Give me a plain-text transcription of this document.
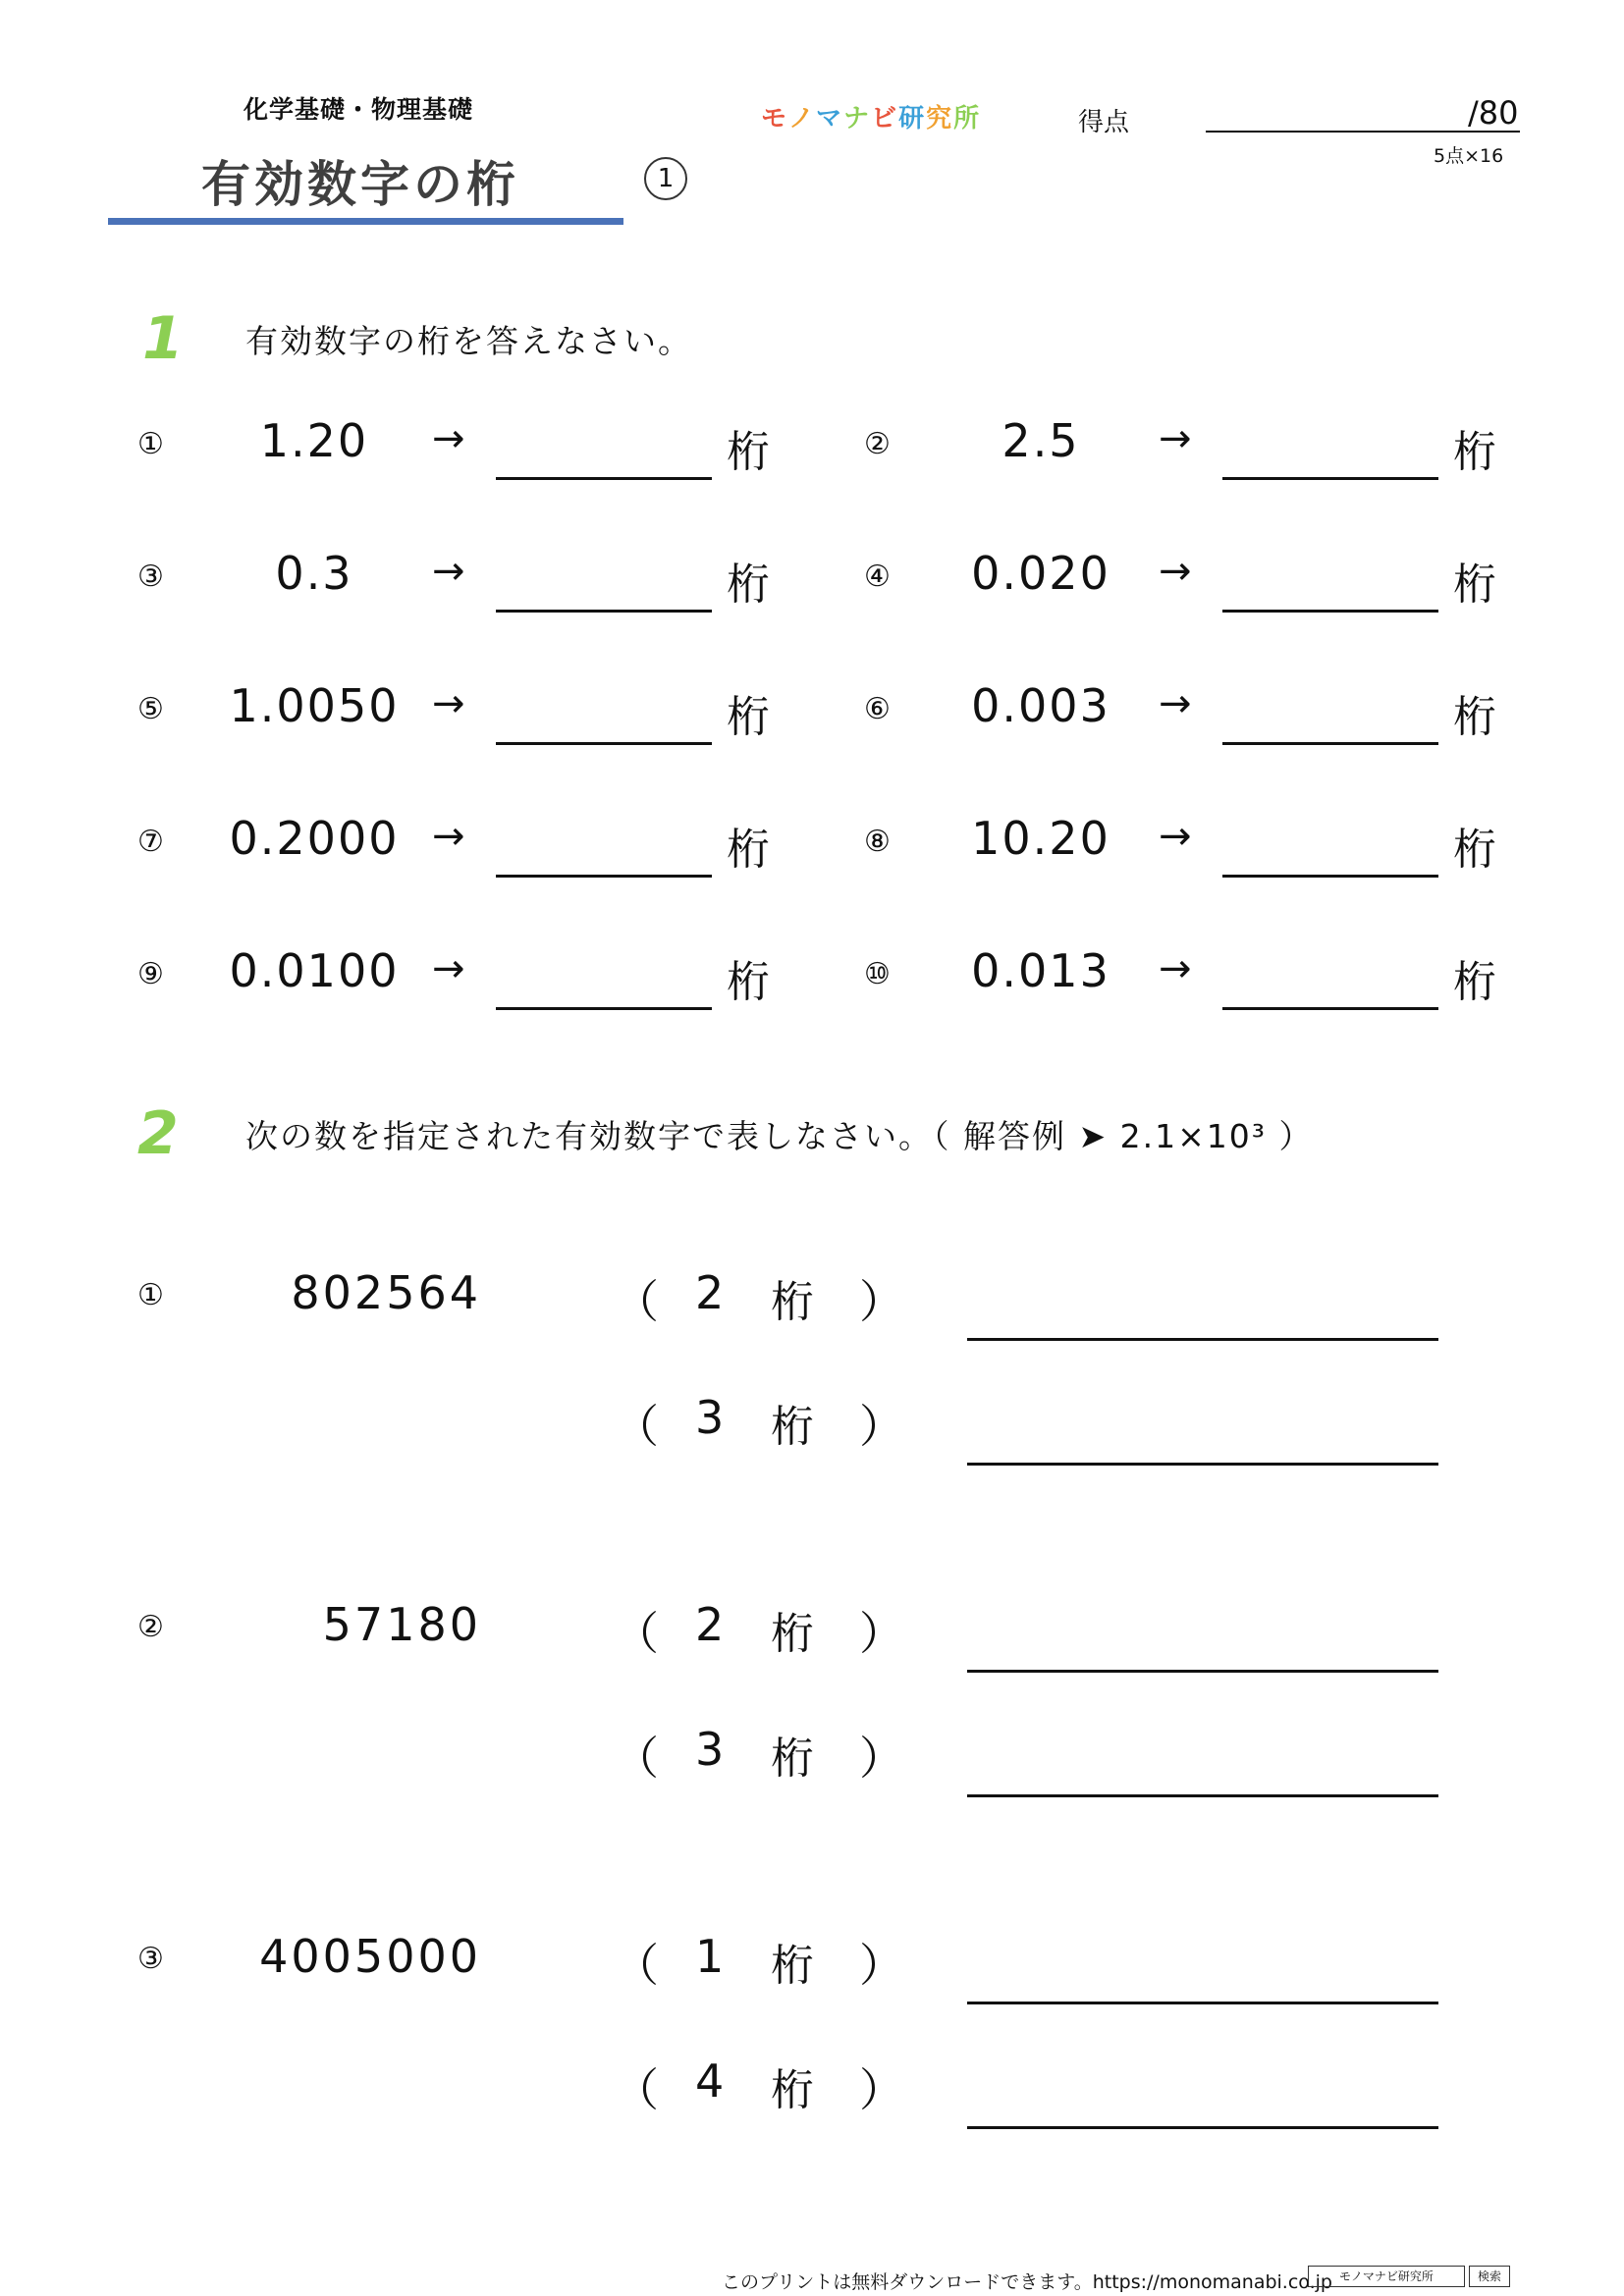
化学基礎・物理基礎
有効数字の桁	1
モノマナビ研究所	得点	/80
5点×16
1 有効数字の桁を答えなさい。
①	1.20	→	桁	②	2.5	→	桁
③	0.3	→	桁	④	0.020	→	桁
⑤	1.0050 →	桁	⑥	0.003	→	桁
⑦	0.2000 →	桁	⑧	10.20	→	桁
⑨	0.0100 →	桁	⑩	0.013	→	桁
2 次の数を指定された有効数字で表しなさい。（ 解答例 ➤ 2.1×10³ ）
①	802564	（ 2 桁 ）
（ 3 桁 ）
②	57180	（ 2 桁 ）
（ 3 桁 ）
③	4005000	（ 1 桁 ）
（ 4 桁 ）
このプリントは無料ダウンロードできます。https://monomanabi.co.jp モノマナビ研究所	検索
